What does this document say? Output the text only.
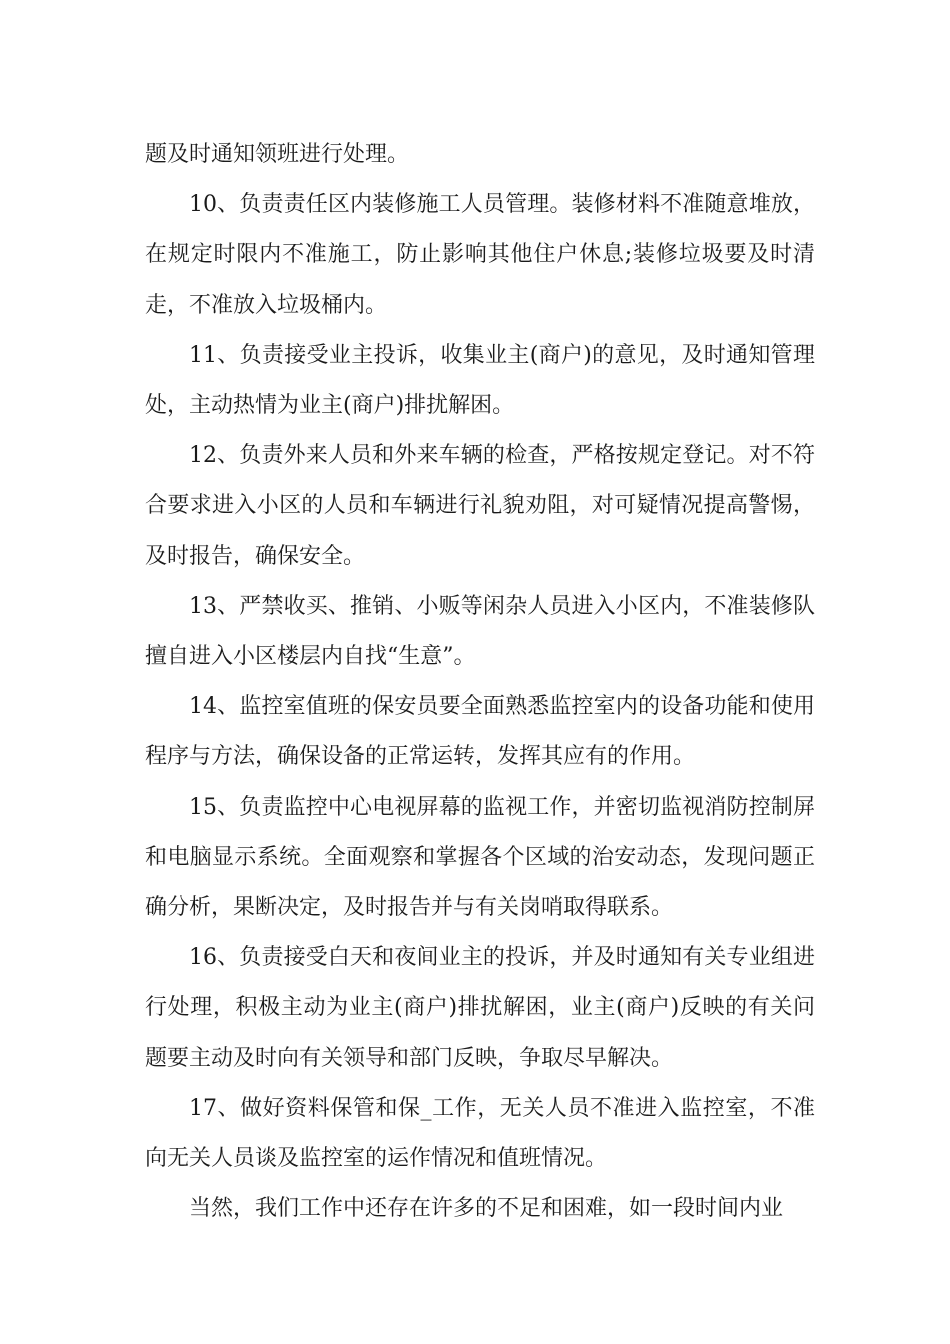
题及时通知领班进行处理。

10、负责责任区内装修施工人员管理。装修材料不准随意堆放，在规定时限内不准施工，防止影响其他住户休息;装修垃圾要及时清走，不准放入垃圾桶内。

11、负责接受业主投诉，收集业主(商户)的意见，及时通知管理处，主动热情为业主(商户)排扰解困。

12、负责外来人员和外来车辆的检查，严格按规定登记。对不符合要求进入小区的人员和车辆进行礼貌劝阻，对可疑情况提高警惕，及时报告，确保安全。

13、严禁收买、推销、小贩等闲杂人员进入小区内，不准装修队擅自进入小区楼层内自找“生意”。

14、监控室值班的保安员要全面熟悉监控室内的设备功能和使用程序与方法，确保设备的正常运转，发挥其应有的作用。

15、负责监控中心电视屏幕的监视工作，并密切监视消防控制屏和电脑显示系统。全面观察和掌握各个区域的治安动态，发现问题正确分析，果断决定，及时报告并与有关岗哨取得联系。

16、负责接受白天和夜间业主的投诉，并及时通知有关专业组进行处理，积极主动为业主(商户)排扰解困，业主(商户)反映的有关问题要主动及时向有关领导和部门反映，争取尽早解决。

17、做好资料保管和保_工作，无关人员不准进入监控室，不准向无关人员谈及监控室的运作情况和值班情况。

当然，我们工作中还存在许多的不足和困难，如一段时间内业
